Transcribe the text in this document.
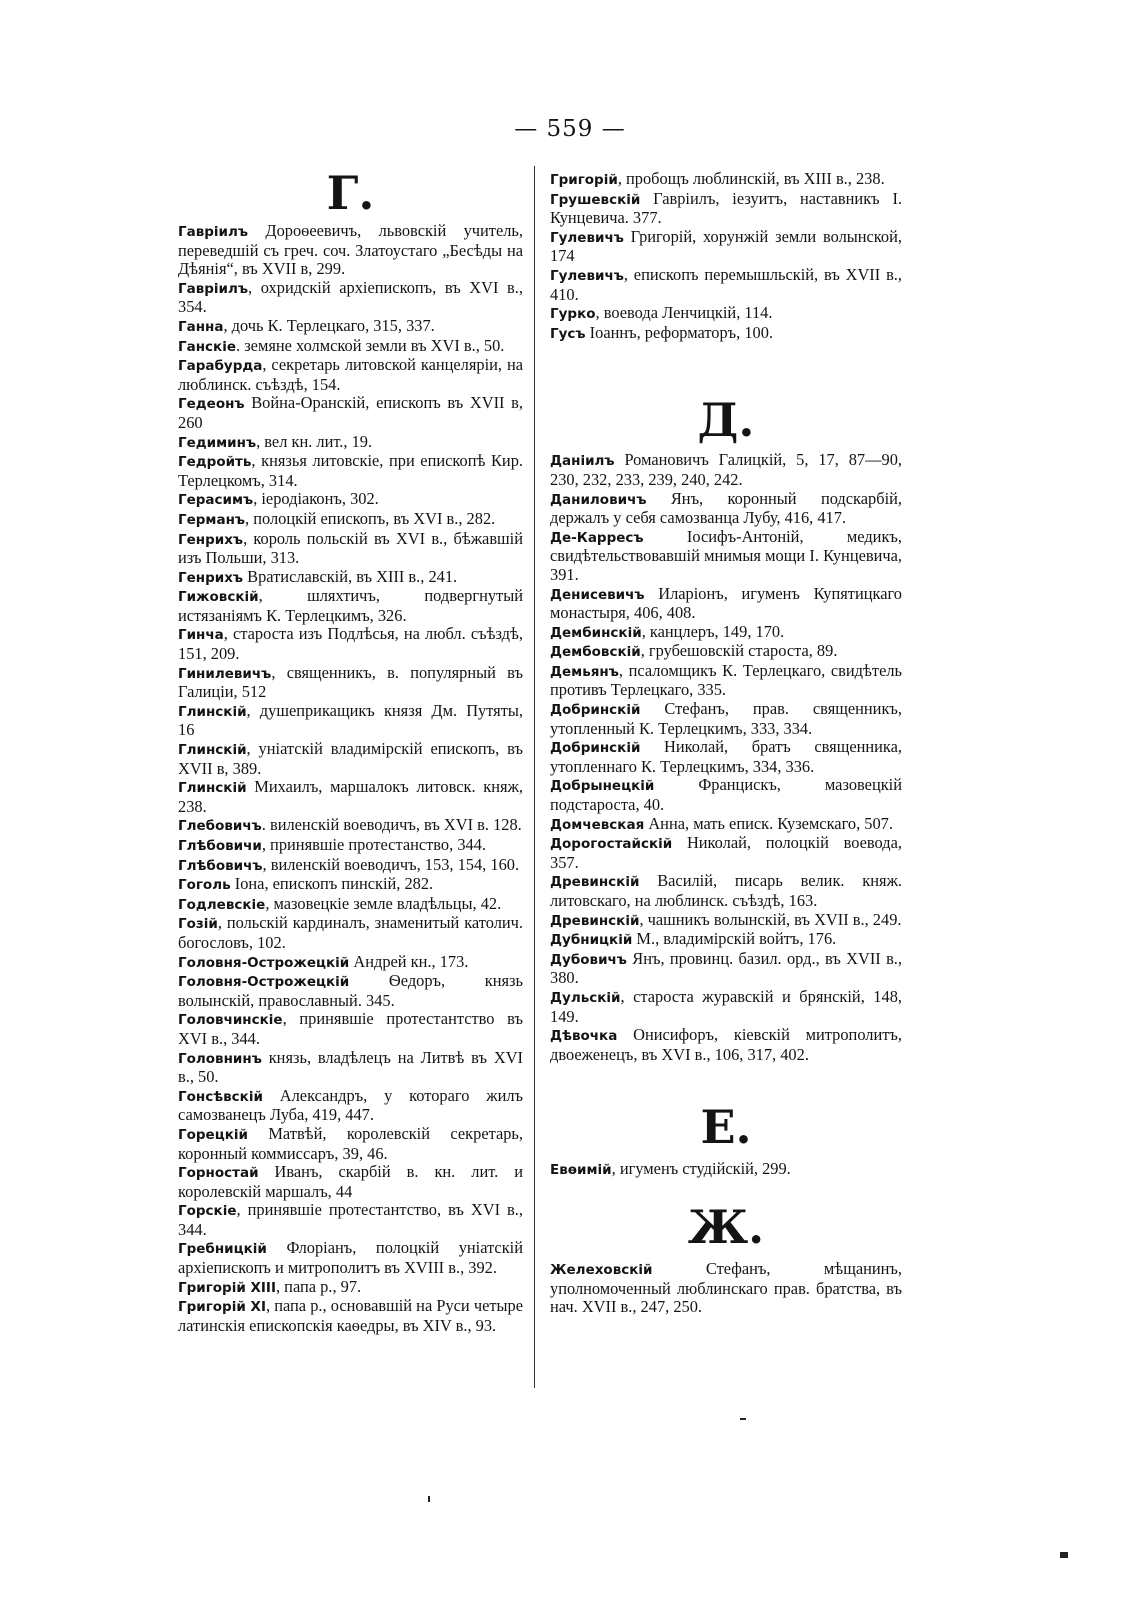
— 559 —
Г.

Гаврiилъ Дороѳеевичъ, львовскiй учитель, переведшiй съ греч. соч. Златоустаго „Бесѣды на Дѣянiя“, въ XVII в, 299.

Гаврiилъ, охридскiй архiепископъ, въ XVI в., 354.

Ганна, дочь К. Терлецкаго, 315, 337.

Ганскiе. земяне холмской земли въ XVI в., 50.

Гарабурда, секретарь литовской канцелярiи, на люблинск. съѣздѣ, 154.

Гедеонъ Война-Оранскiй, епископъ въ XVII в, 260

Гедиминъ, вел кн. лит., 19.

Гедройть, князья литовскiе, при епископѣ Кир. Терлецкомъ, 314.

Герасимъ, iеродiаконъ, 302.

Германъ, полоцкiй епископъ, въ XVI в., 282.

Генрихъ, король польскiй въ XVI в., бѣжавшiй изъ Польши, 313.

Генрихъ Вратиславскiй, въ XIII в., 241.

Гижовскiй, шляхтичъ, подвергнутый истязанiямъ К. Терлецкимъ, 326.

Гинча, староста изъ Подлѣсья, на любл. съѣздѣ, 151, 209.

Гинилевичъ, священникъ, в. популярный въ Галицiи, 512

Глинскiй, душеприкащикъ князя Дм. Путяты, 16

Глинскiй, унiатскiй владимiрскiй епископъ, въ XVII в, 389.

Глинскiй Михаилъ, маршалокъ литовск. княж, 238.

Глебовичъ. виленскiй воеводичъ, въ XVI в. 128.

Глѣбовичи, принявшiе протестанство, 344.

Глѣбовичъ, виленскiй воеводичъ, 153, 154, 160.

Гоголь Iона, епископъ пинскiй, 282.

Годлевскiе, мазовецкiе земле владѣльцы, 42.

Гозiй, польскiй кардиналъ, знаменитый католич. богословъ, 102.

Головня-Острожецкiй Андрей кн., 173.

Головня-Острожецкiй Ѳедоръ, князь волынскiй, православный. 345.

Головчинскiе, принявшiе протестантство въ XVI в., 344.

Головнинъ князь, владѣлецъ на Литвѣ въ XVI в., 50.

Гонсѣвскiй Александръ, у котораго жилъ самозванецъ Луба, 419, 447.

Горецкiй Матвѣй, королевскiй секретарь, коронный коммиссаръ, 39, 46.

Горностай Иванъ, скарбiй в. кн. лит. и королевскiй маршалъ, 44

Горскiе, принявшiе протестантство, въ XVI в., 344.

Гребницкiй Флорiанъ, полоцкiй унiатскiй архiепископъ и митрополитъ въ XVIII в., 392.

Григорiй XIII, папа р., 97.

Григорiй XI, папа р., основавшiй на Руси четыре латинскiя епископскiя каѳедры, въ XIV в., 93.

Григорiй, пробощъ люблинскiй, въ XIII в., 238.

Грушевскiй Гаврiилъ, iезуитъ, наставникъ I. Кунцевича. 377.

Гулевичъ Григорiй, хорунжiй земли волынской, 174

Гулевичъ, епископъ перемышльскiй, въ XVII в., 410.

Гурко, воевода Ленчицкiй, 114.

Гусъ Iоаннъ, реформаторъ, 100.

Д.

Данiилъ Романовичъ Галицкiй, 5, 17, 87—90, 230, 232, 233, 239, 240, 242.

Даниловичъ Янъ, коронный подскарбiй, держалъ у себя самозванца Лубу, 416, 417.

Де-Карресъ Iосифъ-Антонiй, медикъ, свидѣтельствовавшiй мнимыя мощи I. Кунцевича, 391.

Денисевичъ Иларiонъ, игуменъ Купятицкаго монастыря, 406, 408.

Дембинскiй, канцлеръ, 149, 170.

Дембовскiй, грубешовскiй староста, 89.

Демьянъ, псаломщикъ К. Терлецкаго, свидѣтель противъ Терлецкаго, 335.

Добринскiй Стефанъ, прав. священникъ, утопленный К. Терлецкимъ, 333, 334.

Добринскiй Николай, братъ священника, утопленнаго К. Терлецкимъ, 334, 336.

Добрынецкiй Францискъ, мазовецкiй подстароста, 40.

Домчевская Анна, мать еписк. Куземскаго, 507.

Дорогостайскiй Николай, полоцкiй воевода, 357.

Древинскiй Василiй, писарь велик. княж. литовскаго, на люблинск. съѣздѣ, 163.

Древинскiй, чашникъ волынскiй, въ XVII в., 249.

Дубницкiй М., владимiрскiй войтъ, 176.

Дубовичъ Янъ, провинц. базил. орд., въ XVII в., 380.

Дульскiй, староста журавскiй и брянскiй, 148, 149.

Дѣвочка Онисифоръ, кiевскiй митрополитъ, двоеженецъ, въ XVI в., 106, 317, 402.

Е.

Евѳимiй, игуменъ студiйскiй, 299.

Ж.

Желеховскiй Стефанъ, мѣщанинъ, уполномоченный люблинскаго прав. братства, въ нач. XVII в., 247, 250.
